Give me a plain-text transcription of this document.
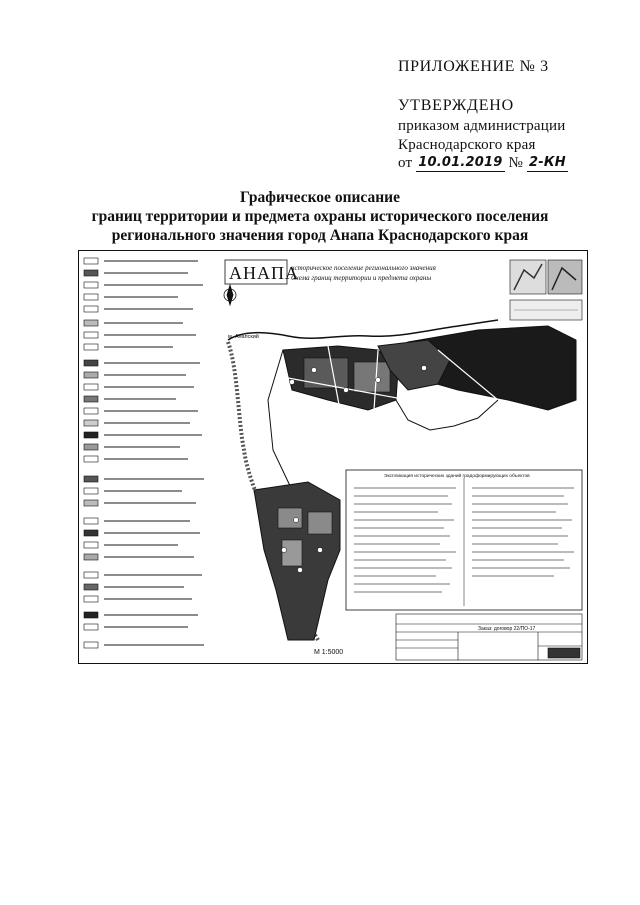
ПРИЛОЖЕНИЕ № 3
УТВЕРЖДЕНО
приказом администрации
Краснодарского края
от 10.01.2019 № 2-КН
Графическое описание
границ территории и предмета охраны исторического поселения
регионального значения город Анапа Краснодарского края
АНАПА
историческое поселение регионального значения
Схема границ территории и предмета охраны
м. Анапский
Экспликация исторических зданий градоформирующих объектов
Заказ: договор 22/ПО-17
М 1:5000
